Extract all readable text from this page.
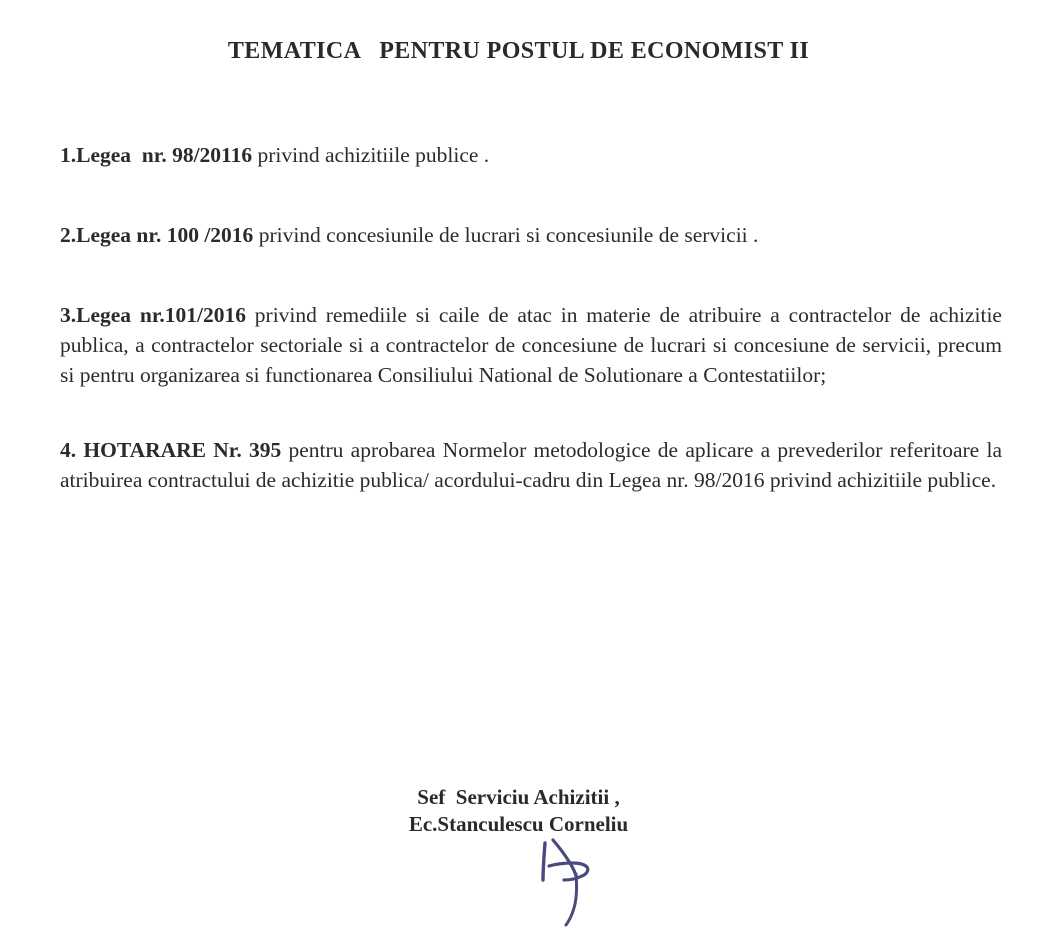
TEMATICA   PENTRU POSTUL DE ECONOMIST II

1.Legea  nr. 98/20116 privind achizitiile publice .

2.Legea nr. 100 /2016 privind concesiunile de lucrari si concesiunile de servicii .

3.Legea nr.101/2016 privind remediile si caile de atac in materie de atribuire a contractelor de achizitie publica, a contractelor sectoriale si a contractelor de concesiune de lucrari si concesiune de servicii, precum si pentru organizarea si functionarea Consiliului National de Solutionare a Contestatiilor;

4. HOTARARE Nr. 395 pentru aprobarea Normelor metodologice de aplicare a prevederilor referitoare la atribuirea contractului de achizitie publica/ acordului-cadru din Legea nr. 98/2016 privind achizitiile publice.

Sef  Serviciu Achizitii ,
Ec.Stanculescu Corneliu
